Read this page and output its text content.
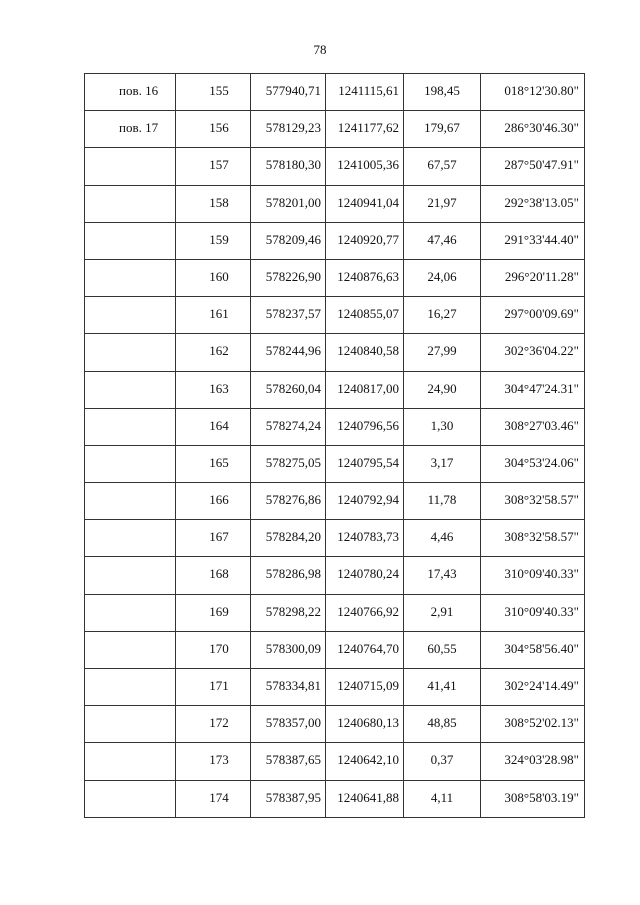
78
пов. 16	155	577940,71	1241115,61	198,45	018°12'30.80"

пов. 17	156	578129,23	1241177,62	179,67	286°30'46.30"

	157	578180,30	1241005,36	67,57	287°50'47.91"

	158	578201,00	1240941,04	21,97	292°38'13.05"

	159	578209,46	1240920,77	47,46	291°33'44.40"

	160	578226,90	1240876,63	24,06	296°20'11.28"

	161	578237,57	1240855,07	16,27	297°00'09.69"

	162	578244,96	1240840,58	27,99	302°36'04.22"

	163	578260,04	1240817,00	24,90	304°47'24.31"

	164	578274,24	1240796,56	1,30	308°27'03.46"

	165	578275,05	1240795,54	3,17	304°53'24.06"

	166	578276,86	1240792,94	11,78	308°32'58.57"

	167	578284,20	1240783,73	4,46	308°32'58.57"

	168	578286,98	1240780,24	17,43	310°09'40.33"

	169	578298,22	1240766,92	2,91	310°09'40.33"

	170	578300,09	1240764,70	60,55	304°58'56.40"

	171	578334,81	1240715,09	41,41	302°24'14.49"

	172	578357,00	1240680,13	48,85	308°52'02.13"

	173	578387,65	1240642,10	0,37	324°03'28.98"

	174	578387,95	1240641,88	4,11	308°58'03.19"
